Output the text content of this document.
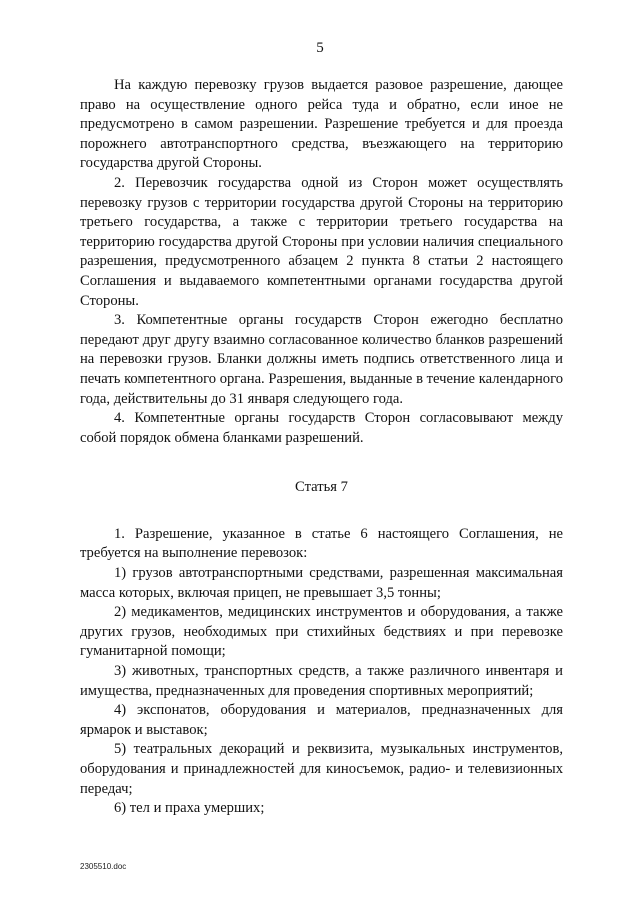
5

На каждую перевозку грузов выдается разовое разрешение, дающее право на осуществление одного рейса туда и обратно, если иное не предусмотрено в самом разрешении. Разрешение требуется и для проезда порожнего автотранспортного средства, въезжающего на территорию государства другой Стороны.

2. Перевозчик государства одной из Сторон может осуществлять перевозку грузов с территории государства другой Стороны на территорию третьего государства, а также с территории третьего государства на территорию государства другой Стороны при условии наличия специального разрешения, предусмотренного абзацем 2 пункта 8 статьи 2 настоящего Соглашения и выдаваемого компетентными органами государства другой Стороны.

3. Компетентные органы государств Сторон ежегодно бесплатно передают друг другу взаимно согласованное количество бланков разрешений на перевозки грузов. Бланки должны иметь подпись ответственного лица и печать компетентного органа. Разрешения, выданные в течение календарного года, действительны до 31 января следующего года.

4. Компетентные органы государств Сторон согласовывают между собой порядок обмена бланками разрешений.

Статья 7

1. Разрешение, указанное в статье 6 настоящего Соглашения, не требуется на выполнение перевозок:

1) грузов автотранспортными средствами, разрешенная максимальная масса которых, включая прицеп, не превышает 3,5 тонны;

2) медикаментов, медицинских инструментов и оборудования, а также других грузов, необходимых при стихийных бедствиях и при перевозке гуманитарной помощи;

3) животных, транспортных средств, а также различного инвентаря и имущества, предназначенных для проведения спортивных мероприятий;

4) экспонатов, оборудования и материалов, предназначенных для ярмарок и выставок;

5) театральных декораций и реквизита, музыкальных инструментов, оборудования и принадлежностей для киносъемок, радио- и телевизионных передач;

6) тел и праха умерших;

2305510.doc
